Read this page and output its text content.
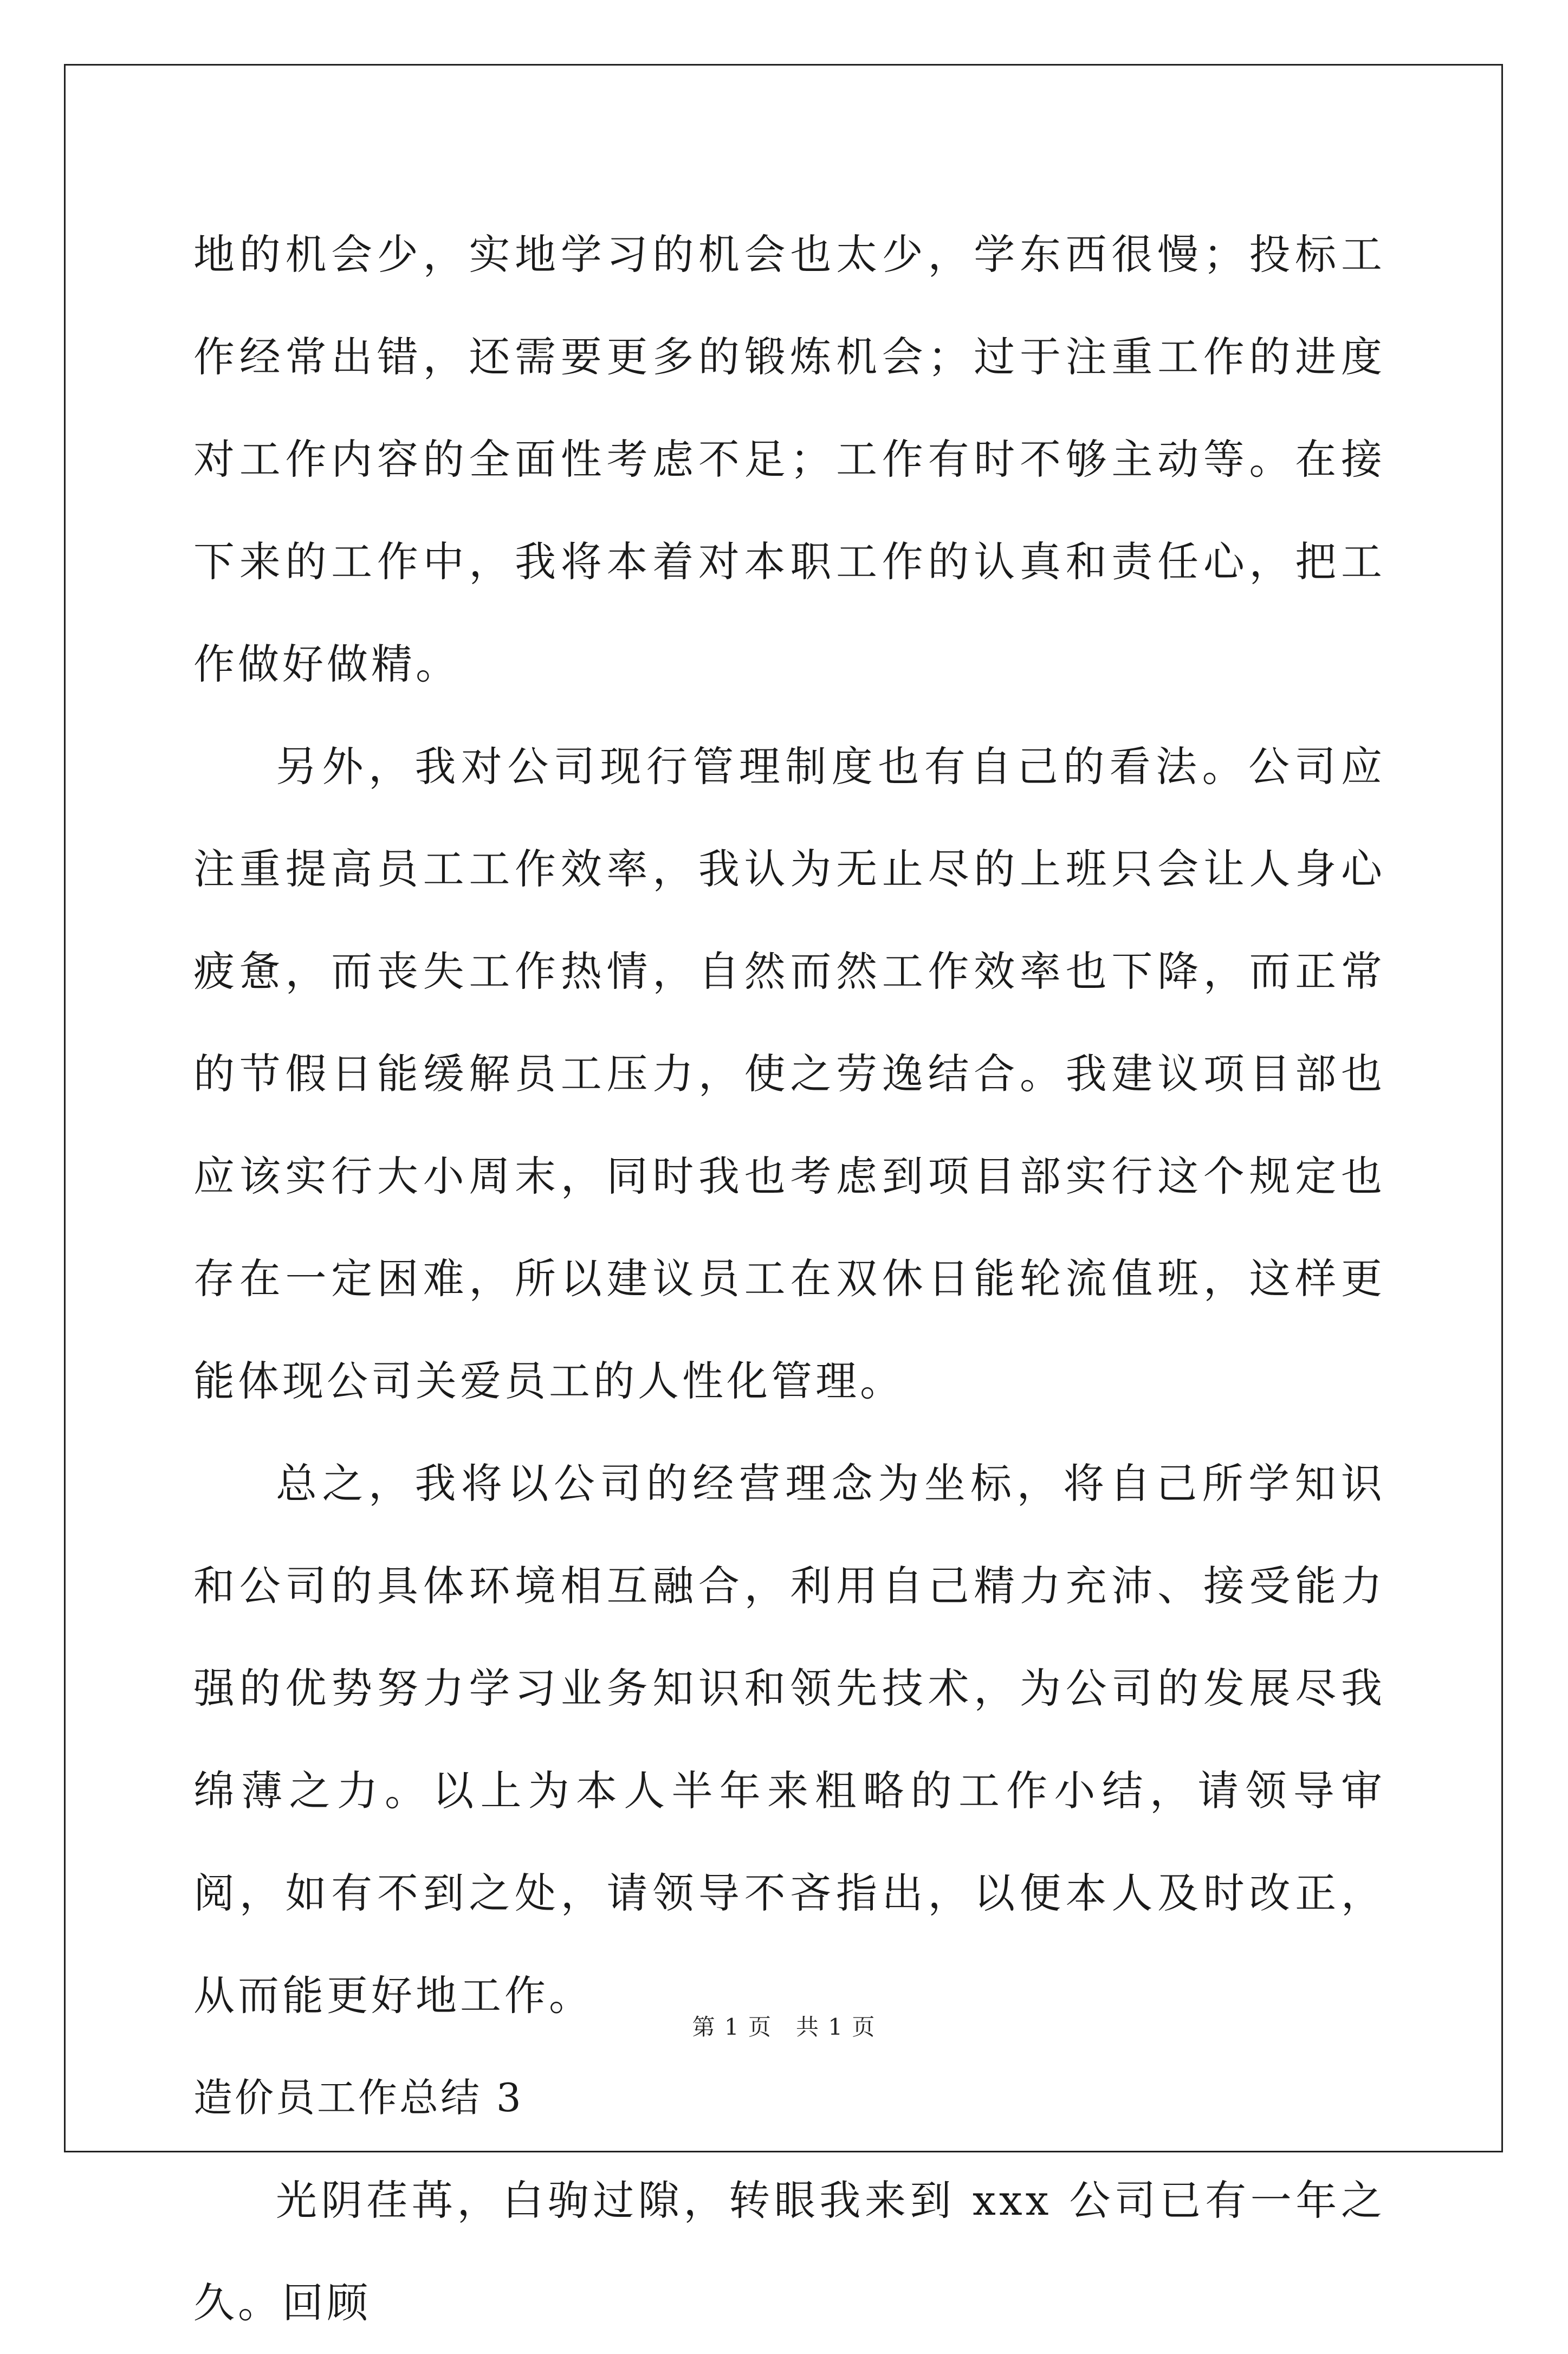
地的机会少，实地学习的机会也太少，学东西很慢；投标工作经常出错，还需要更多的锻炼机会；过于注重工作的进度对工作内容的全面性考虑不足；工作有时不够主动等。在接下来的工作中，我将本着对本职工作的认真和责任心，把工作做好做精。

另外，我对公司现行管理制度也有自己的看法。公司应注重提高员工工作效率，我认为无止尽的上班只会让人身心疲惫，而丧失工作热情，自然而然工作效率也下降，而正常的节假日能缓解员工压力，使之劳逸结合。我建议项目部也应该实行大小周末，同时我也考虑到项目部实行这个规定也存在一定困难，所以建议员工在双休日能轮流值班，这样更能体现公司关爱员工的人性化管理。

总之，我将以公司的经营理念为坐标，将自己所学知识和公司的具体环境相互融合，利用自己精力充沛、接受能力强的优势努力学习业务知识和领先技术，为公司的发展尽我绵薄之力。以上为本人半年来粗略的工作小结，请领导审阅，如有不到之处，请领导不吝指出，以便本人及时改正，从而能更好地工作。

造价员工作总结 3

光阴荏苒，白驹过隙，转眼我来到 xxx 公司已有一年之久。回顾

第 1 页　共 1 页
